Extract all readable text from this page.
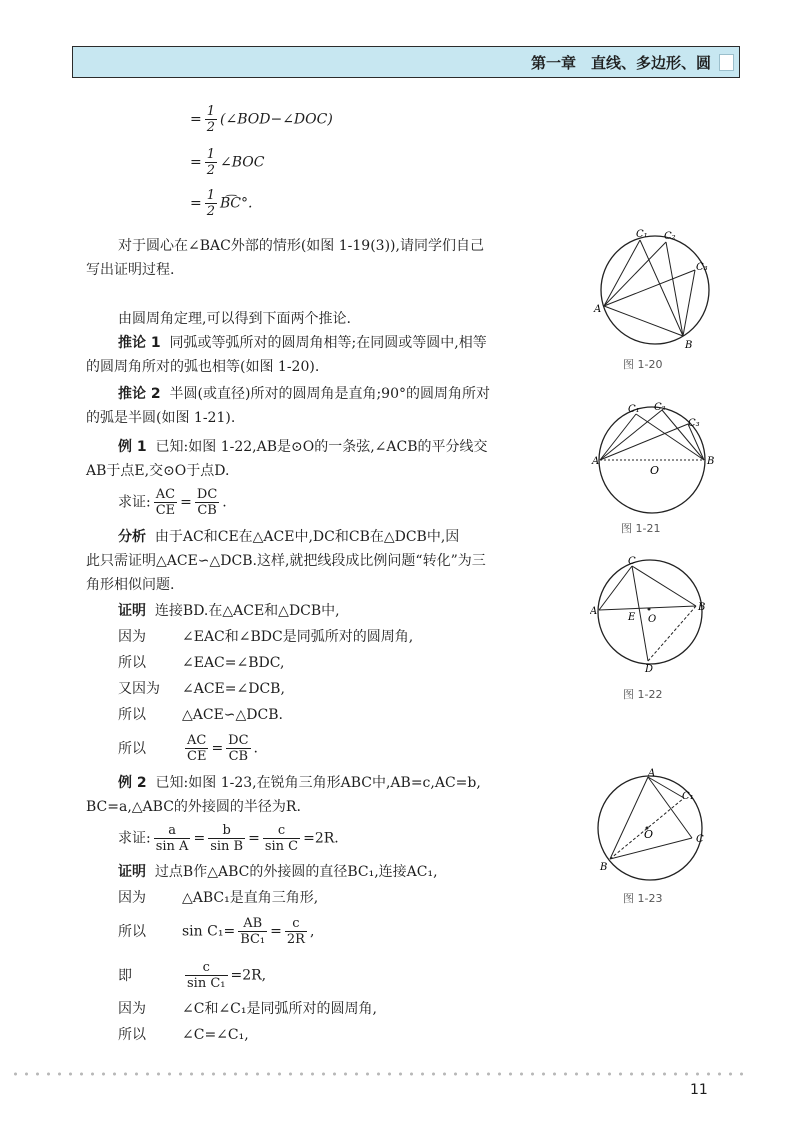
第一章　直线、多边形、圆
= $\frac{1}{2}$ (∠BOD−∠DOC)
= $\frac{1}{2}$ ∠BOC
= $\frac{1}{2}$ B͡C°.
对于圆心在∠BAC外部的情形(如图 1-19(3)),请同学们自己
写出证明过程.
由圆周角定理,可以得到下面两个推论.
推论 1 同弧或等弧所对的圆周角相等;在同圆或等圆中,相等
的圆周角所对的弧也相等(如图 1-20).
推论 2 半圆(或直径)所对的圆周角是直角;90°的圆周角所对
的弧是半圆(如图 1-21).
例 1 已知:如图 1-22,AB是⊙O的一条弦,∠ACB的平分线交
AB于点E,交⊙O于点D.
求证: $\frac{AC}{CE} = \frac{DC}{CB}$ .
分析 由于AC和CE在△ACE中,DC和CB在△DCB中,因
此只需证明△ACE∽△DCB.这样,就把线段成比例问题“转化”为三
角形相似问题.
证明 连接BD.在△ACE和△DCB中,
因为	∠EAC和∠BDC是同弧所对的圆周角,
所以	∠EAC=∠BDC,
又因为 ∠ACE=∠DCB,
所以	△ACE∽△DCB.
所以	$\frac{AC}{CE} = \frac{DC}{CB}$ .
例 2 已知:如图 1-23,在锐角三角形ABC中,AB=c,AC=b,
BC=a,△ABC的外接圆的半径为R.
求证: $\frac{a}{\text{sin A}} = \frac{b}{\text{sin B}} = \frac{c}{\text{sin C}} =2R$.
证明 过点B作△ABC的外接圆的直径BC₁,连接AC₁,
因为	△ABC₁是直角三角形,
所以	$\sin C_1= \frac{AB}{\text{BC₁}} = \frac{c}{2R}$ ,
即	$\frac{c}{\text{sin C₁}} =2R$,
因为	∠C和∠C₁是同弧所对的圆周角,
所以	∠C=∠C₁,
C₁ C₂
C₃
A
B
图 1-20
C₁ C₂
C₃
A	B
O
图 1-21
C
A
E O
B
D
图 1-22
A
C₁
O	C
B
图 1-23
11
